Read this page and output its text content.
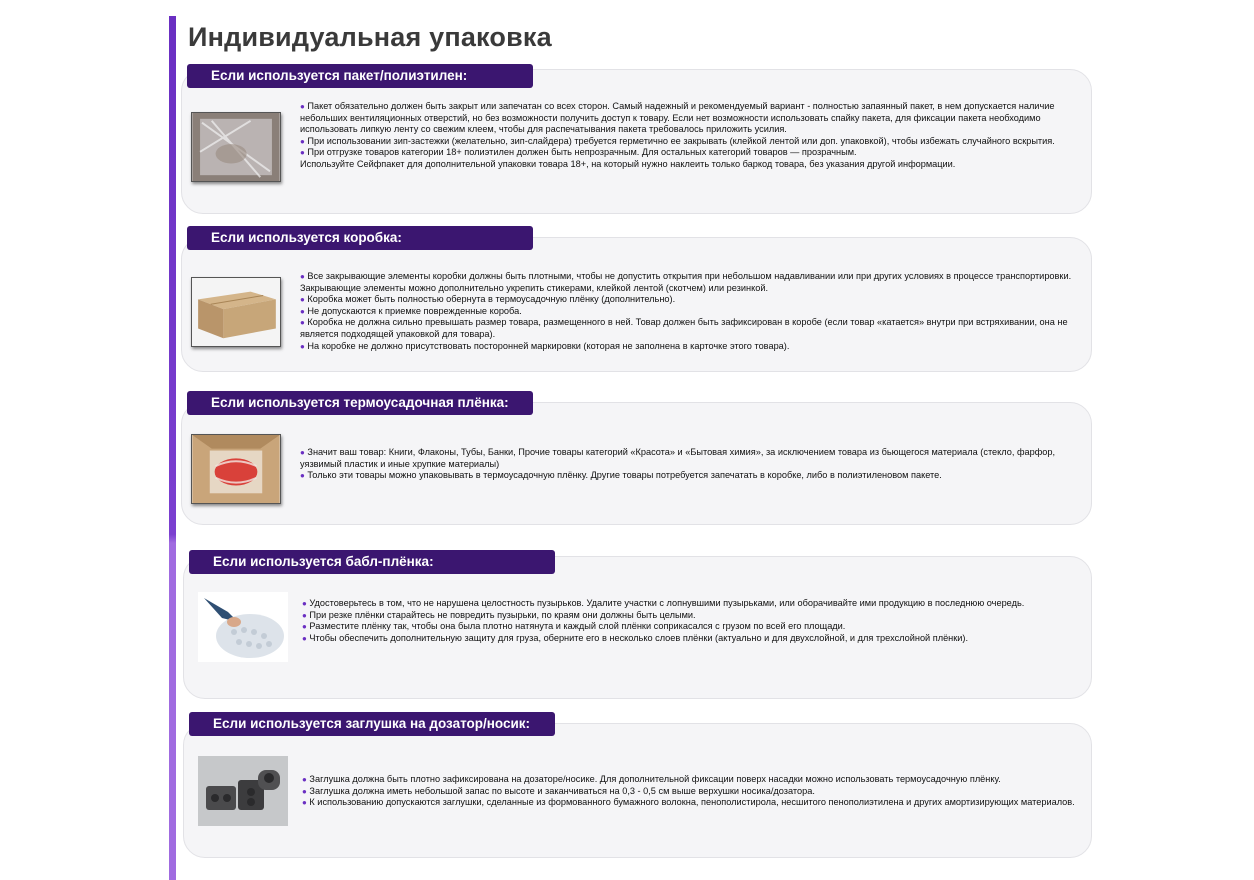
Индивидуальная упаковка
Если используется пакет/полиэтилен:

● Пакет обязательно должен быть закрыт или запечатан со всех сторон. Самый надежный и рекомендуемый вариант - полностью запаянный пакет, в нем допускается наличие небольших вентиляционных отверстий, но без возможности получить доступ к товару. Если нет возможности использовать спайку пакета, для фиксации пакета необходимо использовать липкую ленту со свежим клеем, чтобы для распечатывания пакета требовалось приложить усилия.

● При использовании зип-застежки (желательно, зип-слайдера) требуется герметично ее закрывать (клейкой лентой или доп. упаковкой), чтобы избежать случайного вскрытия.

● При отгрузке товаров категории 18+ полиэтилен должен быть непрозрачным. Для остальных категорий товаров — прозрачным.

Используйте Сейфпакет для дополнительной упаковки товара 18+, на который нужно наклеить только баркод товара, без указания другой информации.

Если используется коробка:

● Все закрывающие элементы коробки должны быть плотными, чтобы не допустить открытия при небольшом надавливании или при других условиях в процессе транспортировки. Закрывающие элементы можно дополнительно укрепить стикерами, клейкой лентой (скотчем) или резинкой.

● Коробка может быть полностью обернута в термоусадочную плёнку (дополнительно).

● Не допускаются к приемке поврежденные короба.

● Коробка не должна сильно превышать размер товара, размещенного в ней. Товар должен быть зафиксирован в коробе (если товар «катается» внутри при встряхивании, она не является подходящей упаковкой для товара).

● На коробке не должно присутствовать посторонней маркировки (которая не заполнена в карточке этого товара).

Если используется термоусадочная плёнка:

● Значит ваш товар: Книги, Флаконы, Тубы, Банки, Прочие товары категорий «Красота» и «Бытовая химия», за исключением товара из бьющегося материала (стекло, фарфор, уязвимый пластик и иные хрупкие материалы)

● Только эти товары можно упаковывать в термоусадочную плёнку. Другие товары потребуется запечатать в коробке, либо в полиэтиленовом пакете.

Если используется бабл-плёнка:

● Удостоверьтесь в том, что не нарушена целостность пузырьков. Удалите участки с лопнувшими пузырьками, или оборачивайте ими продукцию в последнюю очередь.

● При резке плёнки старайтесь не повредить пузырьки, по краям они должны быть целыми.

● Разместите плёнку так, чтобы она была плотно натянута и каждый слой плёнки соприкасался с грузом по всей его площади.

● Чтобы обеспечить дополнительную защиту для груза, оберните его в несколько слоев плёнки (актуально и для двухслойной, и для трехслойной плёнки).

Если используется заглушка на дозатор/носик:

● Заглушка должна быть плотно зафиксирована на дозаторе/носике. Для дополнительной фиксации поверх насадки можно использовать термоусадочную плёнку.

● Заглушка должна иметь небольшой запас по высоте и заканчиваться на 0,3 - 0,5 см выше верхушки носика/дозатора.

● К использованию допускаются заглушки, сделанные из формованного бумажного волокна, пенополистирола, несшитого пенополиэтилена и других амортизирующих материалов.
